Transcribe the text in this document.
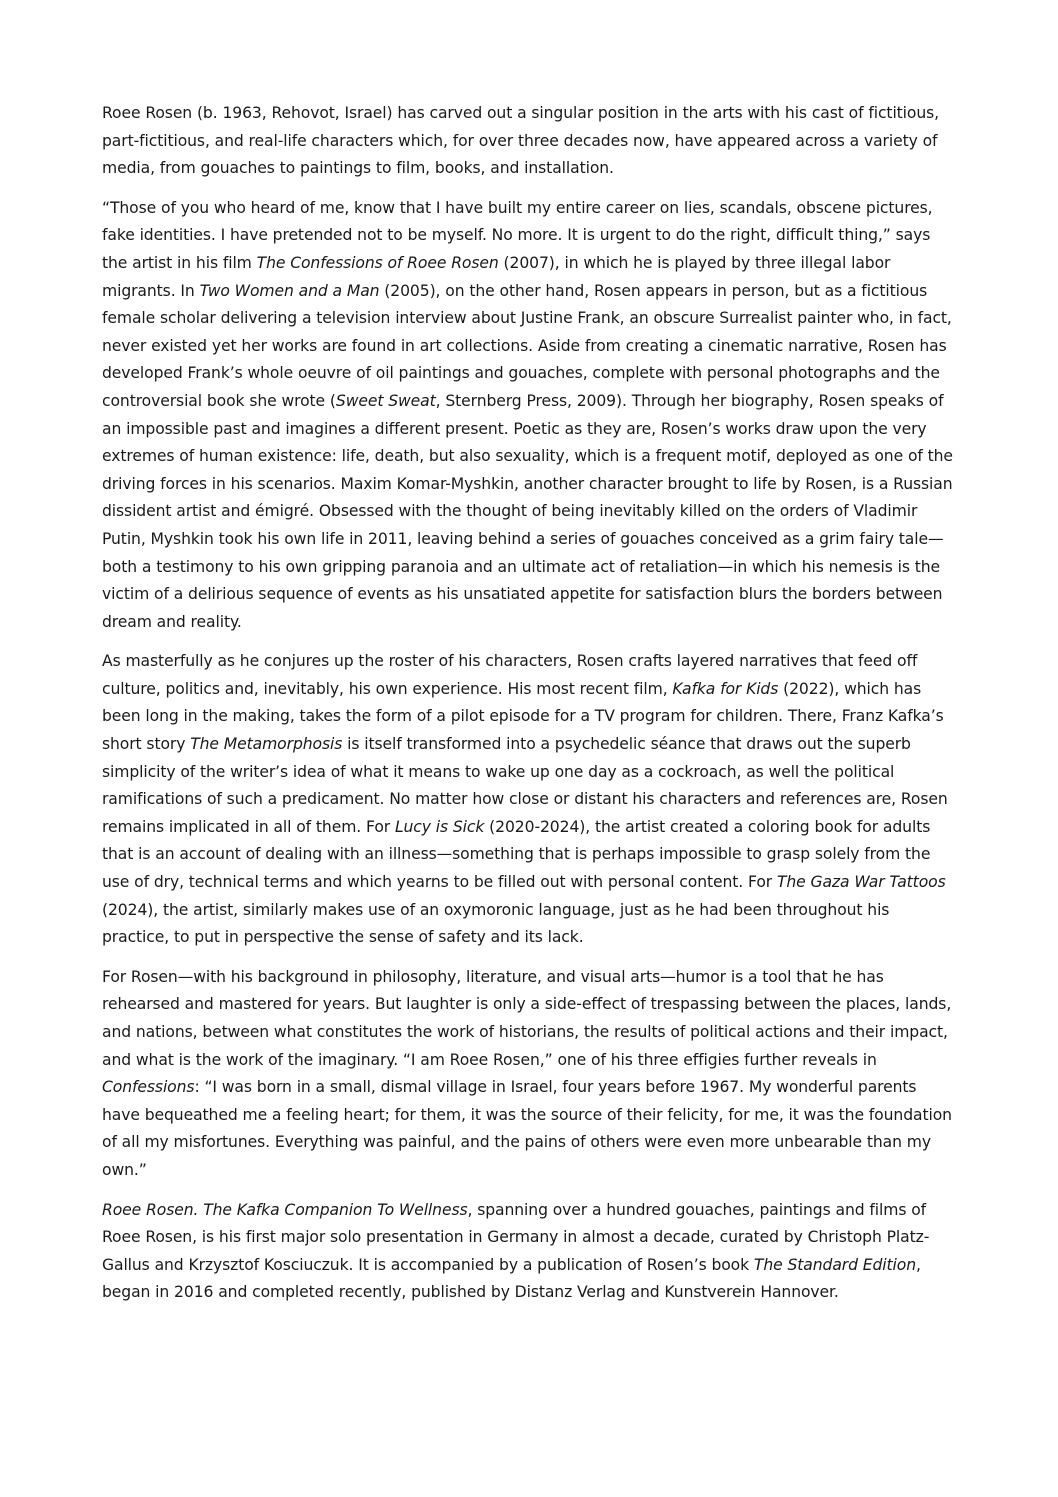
Roee Rosen (b. 1963, Rehovot, Israel) has carved out a singular position in the arts with his cast of fictitious, part-fictitious, and real-life characters which, for over three decades now, have appeared across a variety of media, from gouaches to paintings to film, books, and installation.

“Those of you who heard of me, know that I have built my entire career on lies, scandals, obscene pictures, fake identities. I have pretended not to be myself. No more. It is urgent to do the right, difficult thing,” says the artist in his film The Confessions of Roee Rosen (2007), in which he is played by three illegal labor migrants. In Two Women and a Man (2005), on the other hand, Rosen appears in person, but as a fictitious female scholar delivering a television interview about Justine Frank, an obscure Surrealist painter who, in fact, never existed yet her works are found in art collections. Aside from creating a cinematic narrative, Rosen has developed Frank’s whole oeuvre of oil paintings and gouaches, complete with personal photographs and the controversial book she wrote (Sweet Sweat, Sternberg Press, 2009). Through her biography, Rosen speaks of an impossible past and imagines a different present. Poetic as they are, Rosen’s works draw upon the very extremes of human existence: life, death, but also sexuality, which is a frequent motif, deployed as one of the driving forces in his scenarios. Maxim Komar-Myshkin, another character brought to life by Rosen, is a Russian dissident artist and émigré. Obsessed with the thought of being inevitably killed on the orders of Vladimir Putin, Myshkin took his own life in 2011, leaving behind a series of gouaches conceived as a grim fairy tale—both a testimony to his own gripping paranoia and an ultimate act of retaliation—in which his nemesis is the victim of a delirious sequence of events as his unsatiated appetite for satisfaction blurs the borders between dream and reality.

As masterfully as he conjures up the roster of his characters, Rosen crafts layered narratives that feed off culture, politics and, inevitably, his own experience. His most recent film, Kafka for Kids (2022), which has been long in the making, takes the form of a pilot episode for a TV program for children. There, Franz Kafka’s short story The Metamorphosis is itself transformed into a psychedelic séance that draws out the superb simplicity of the writer’s idea of what it means to wake up one day as a cockroach, as well the political ramifications of such a predicament. No matter how close or distant his characters and references are, Rosen remains implicated in all of them. For Lucy is Sick (2020-2024), the artist created a coloring book for adults that is an account of dealing with an illness—something that is perhaps impossible to grasp solely from the use of dry, technical terms and which yearns to be filled out with personal content. For The Gaza War Tattoos (2024), the artist, similarly makes use of an oxymoronic language, just as he had been throughout his practice, to put in perspective the sense of safety and its lack.

For Rosen—with his background in philosophy, literature, and visual arts—humor is a tool that he has rehearsed and mastered for years. But laughter is only a side-effect of trespassing between the places, lands, and nations, between what constitutes the work of historians, the results of political actions and their impact, and what is the work of the imaginary. “I am Roee Rosen,” one of his three effigies further reveals in Confessions: “I was born in a small, dismal village in Israel, four years before 1967. My wonderful parents have bequeathed me a feeling heart; for them, it was the source of their felicity, for me, it was the foundation of all my misfortunes. Everything was painful, and the pains of others were even more unbearable than my own.”

Roee Rosen. The Kafka Companion To Wellness, spanning over a hundred gouaches, paintings and films of Roee Rosen, is his first major solo presentation in Germany in almost a decade, curated by Christoph Platz-Gallus and Krzysztof Kosciuczuk. It is accompanied by a publication of Rosen’s book The Standard Edition, began in 2016 and completed recently, published by Distanz Verlag and Kunstverein Hannover.
